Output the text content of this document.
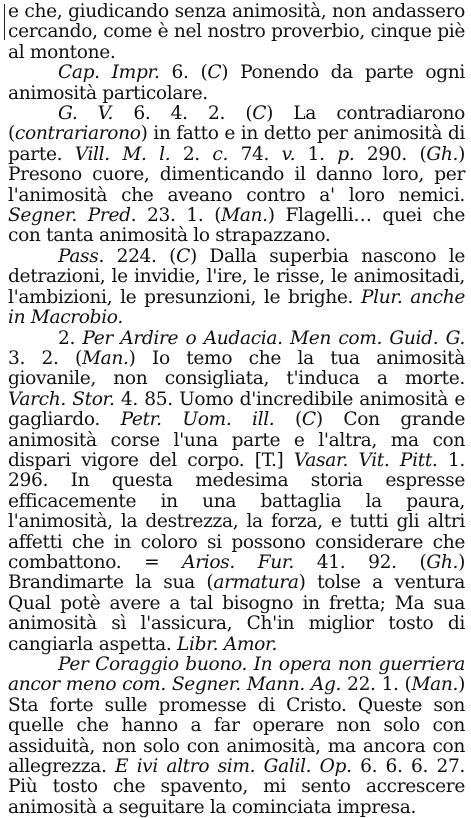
e che, giudicando senza animosità, non andassero cercando, come è nel nostro proverbio, cinque piè al montone.

Cap. Impr. 6. (C) Ponendo da parte ogni animosità particolare.

G. V. 6. 4. 2. (C) La contradiarono (contrariarono) in fatto e in detto per animosità di parte. Vill. M. l. 2. c. 74. v. 1. p. 290. (Gh.) Presono cuore, dimenticando il danno loro, per l'animosità che aveano contro a' loro nemici. Segner. Pred. 23. 1. (Man.) Flagelli… quei che con tanta animosità lo strapazzano.

Pass. 224. (C) Dalla superbia nascono le detrazioni, le invidie, l'ire, le risse, le animositadi, l'ambizioni, le presunzioni, le brighe. Plur. anche in Macrobio.

2. Per Ardire o Audacia. Men com. Guid. G. 3. 2. (Man.) Io temo che la tua animosità giovanile, non consigliata, t'induca a morte. Varch. Stor. 4. 85. Uomo d'incredibile animosità e gagliardo. Petr. Uom. ill. (C) Con grande animosità corse l'una parte e l'altra, ma con dispari vigore del corpo. [T.] Vasar. Vit. Pitt. 1. 296. In questa medesima storia espresse efficacemente in una battaglia la paura, l'animosità, la destrezza, la forza, e tutti gli altri affetti che in coloro si possono considerare che combattono. = Arios. Fur. 41. 92. (Gh.) Brandimarte la sua (armatura) tolse a ventura Qual potè avere a tal bisogno in fretta; Ma sua animosità sì l'assicura, Ch'in miglior tosto di cangiarla aspetta. Libr. Amor.

Per Coraggio buono. In opera non guerriera ancor meno com. Segner. Mann. Ag. 22. 1. (Man.) Sta forte sulle promesse di Cristo. Queste son quelle che hanno a far operare non solo con assiduità, non solo con animosità, ma ancora con allegrezza. E ivi altro sim. Galil. Op. 6. 6. 6. 27. Più tosto che spavento, mi sento accrescere animosità a seguitare la cominciata impresa.
